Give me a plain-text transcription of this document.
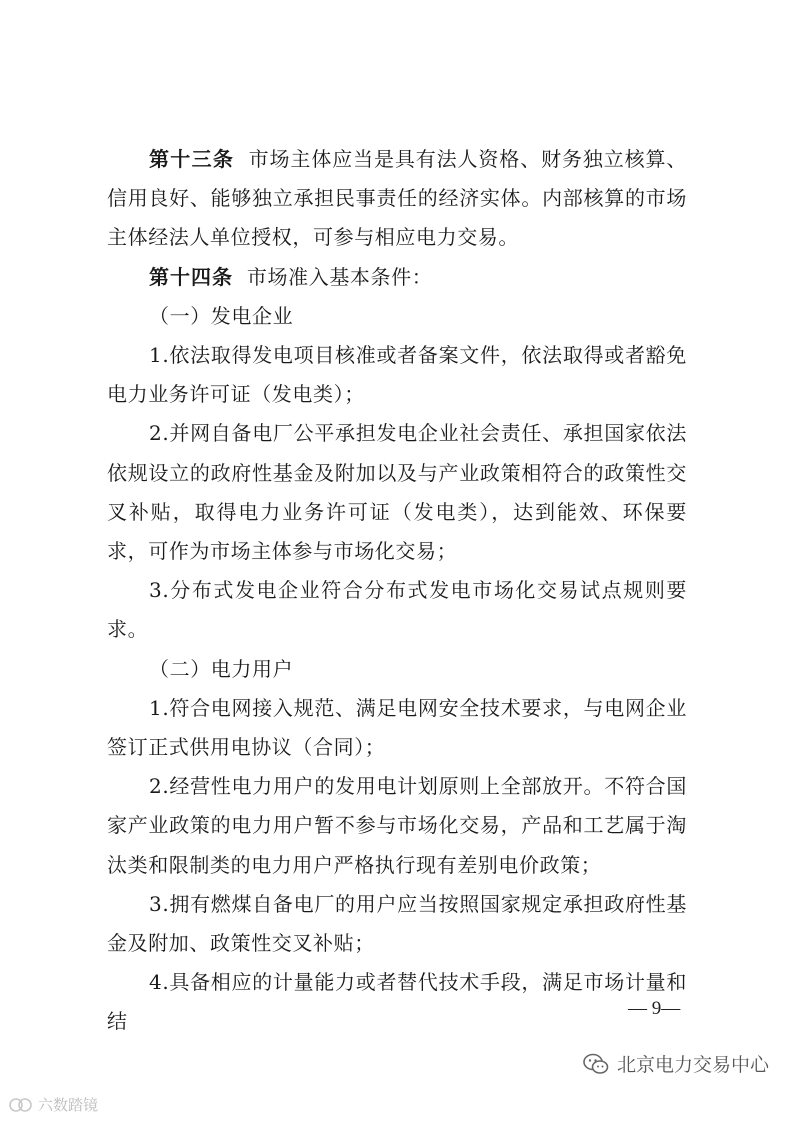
第十三条 市场主体应当是具有法人资格、财务独立核算、信用良好、能够独立承担民事责任的经济实体。内部核算的市场主体经法人单位授权，可参与相应电力交易。

第十四条 市场准入基本条件：

（一）发电企业

1.依法取得发电项目核准或者备案文件，依法取得或者豁免电力业务许可证（发电类）；

2.并网自备电厂公平承担发电企业社会责任、承担国家依法依规设立的政府性基金及附加以及与产业政策相符合的政策性交叉补贴，取得电力业务许可证（发电类），达到能效、环保要求，可作为市场主体参与市场化交易；

3.分布式发电企业符合分布式发电市场化交易试点规则要求。

（二）电力用户

1.符合电网接入规范、满足电网安全技术要求，与电网企业签订正式供用电协议（合同）；

2.经营性电力用户的发用电计划原则上全部放开。不符合国家产业政策的电力用户暂不参与市场化交易，产品和工艺属于淘汰类和限制类的电力用户严格执行现有差别电价政策；

3.拥有燃煤自备电厂的用户应当按照国家规定承担政府性基金及附加、政策性交叉补贴；

4.具备相应的计量能力或者替代技术手段，满足市场计量和结

— 9—
北京电力交易中心
六数踏镜
